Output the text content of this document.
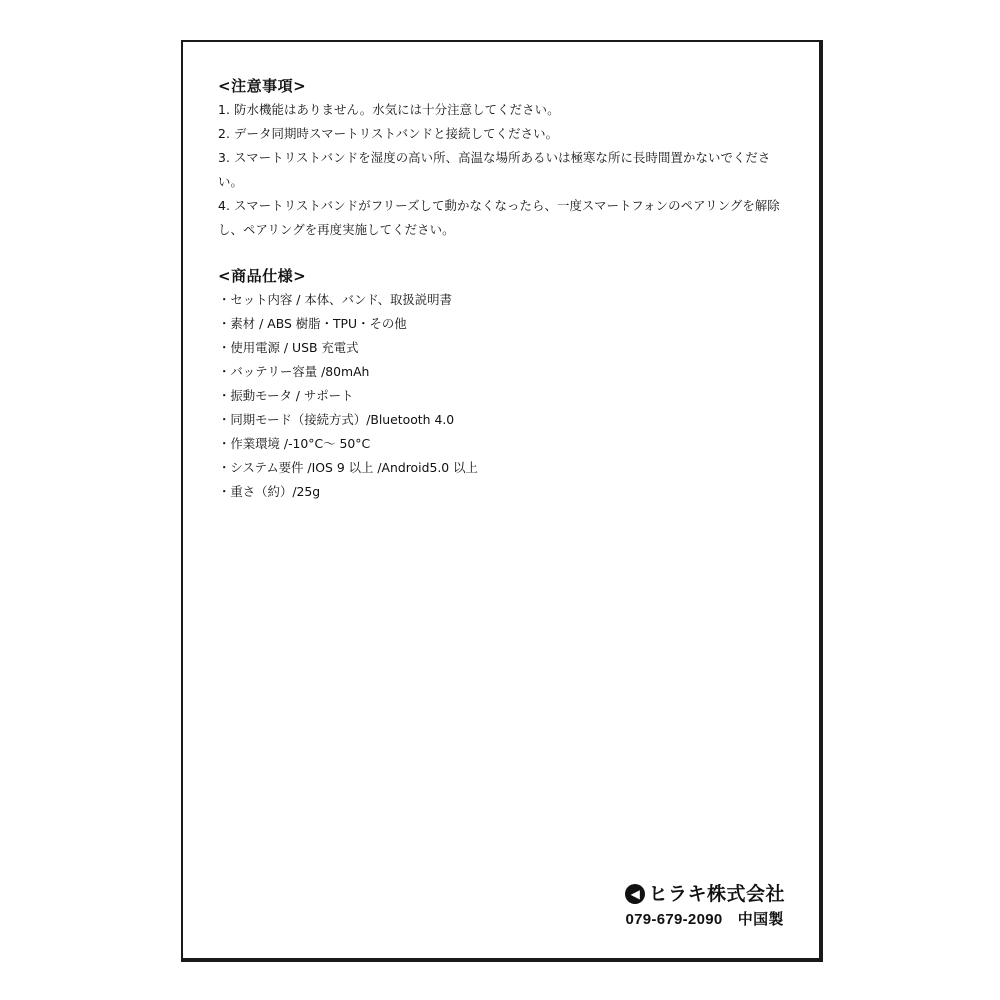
<注意事項>
1. 防水機能はありません。水気には十分注意してください。
2. データ同期時スマートリストバンドと接続してください。
3. スマートリストバンドを湿度の高い所、高温な場所あるいは極寒な所に長時間置かないでください。
4. スマートリストバンドがフリーズして動かなくなったら、一度スマートフォンのペアリングを解除し、ペアリングを再度実施してください。
<商品仕様>
・セット内容 / 本体、バンド、取扱説明書
・素材 / ABS 樹脂・TPU・その他
・使用電源 / USB 充電式
・バッテリー容量 /80mAh
・振動モータ / サポート
・同期モード（接続方式）/Bluetooth 4.0
・作業環境 /-10°C～ 50°C
・システム要件 /IOS 9 以上 /Android5.0 以上
・重さ（約）/25g
◀ ヒラキ株式会社
079-679-2090　中国製
